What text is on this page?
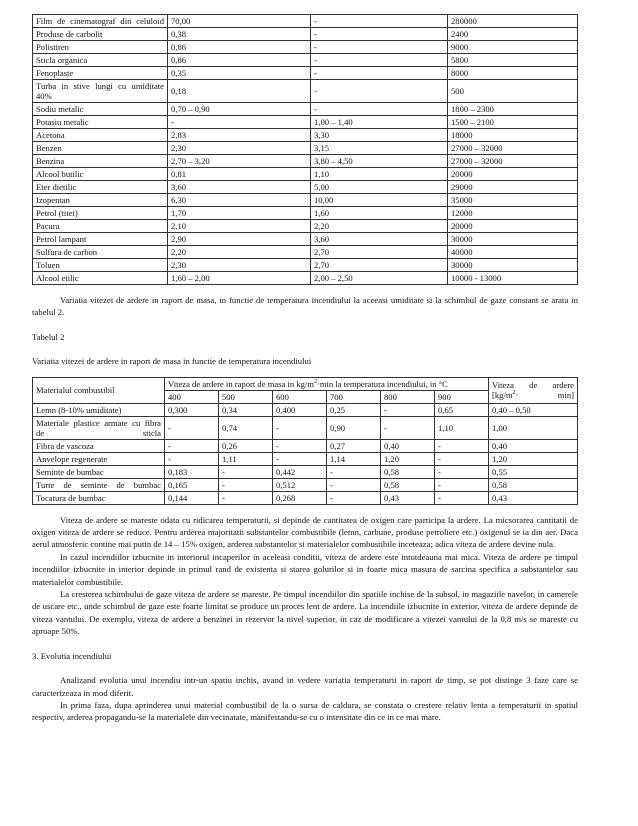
Film de cinematograf din celuloid	70,00	-	280000
Produse de carbolit	0,38	-	2400
Polistiren	0,86	-	9000
Sticla organica	0,86	-	5800
Fenoplaste	0,35	-	8000
Turba in stive lungi cu umiditate 40%	0,18	-	500
Sodiu metalic	0,70 – 0,90	-	1800 – 2300
Potasiu metalic	-	1,00 – 1,40	1500 – 2100
Acetona	2,83	3,30	18000
Benzen	2,30	3,15	27000 – 32000
Benzina	2,70 – 3,20	3,80 – 4,50	27000 – 32000
Alcool butilic	0,81	1,10	20000
Eter dietilic	3,60	5,00	29000
Izopentan	6,30	10,00	35000
Petrol (titei)	1,70	1,60	12000
Pacura	2,10	2,20	20000
Petrol lampant	2,90	3,60	30000
Sulfura de carbon	2,20	2,70	40000
Toluen	2,30	2,70	30000
Alcool etilic	1,60 – 2,00	2,00 – 2,50	10000 - 13000

Variatia vitezei de ardere in raport de masa, in functie de temperatura incendiului la aceeasi umiditate si la schimbul de gaze constant se arata in tabelul 2.

Tabelul 2

Variatia vitezei de ardere in raport de masa in functie de temperatura incendiului

Materialul combustibil	Viteza de ardere in raport de masa in $kg/m^2\cdot\min$ la temperatura incendiului, in °C						Viteza de ardere $[kg/m^2\cdot \min]$
	400	500	600	700	800	900	
Lemn (8-10% umiditate)	0,300	0,34	0,400	0,25	-	0,65	0,40 – 0,50
Materiale plastice armate cu fibra de sticla	-	0,74	-	0,90	-	1,10	1,00
Fibra de vascoza	-	0,26	-	0,27	0,40	-	0,40
Anvelope regenerate	-	1,11	-	1,14	1,20	-	1,20
Seminte de bumbac	0,183	-	0,442	-	0,58	-	0,55
Turte de seminte de bumbac	0,165	-	0,512	-	0,58	-	0,58
Tocatura de bumbac	0,144	-	0,268	-	0,43	-	0,43

Viteza de ardere se mareste odata cu ridicarea temperaturii, si depinde de cantitatea de oxigen care participa la ardere. La micsorarea cantitatii de oxigen viteza de ardere se reduce. Pentru arderea majoritatii substantelor combustibile (lemn, carbune, produse petroliere etc.) oxigenul se ia din aer. Daca aerul atmosferic contine mai putin de 14 – 15% oxigen, arderea substantelor si materialelor combustibile inceteaza; adica viteza de ardere devine nula.

In cazul incendiilor izbucnite in interiorul incaperilor in aceleasi conditii, viteza de ardere este intotdeauna mai mica. Viteza de ardere pe timpul incendiilor izbucnite in interior depinde in primul rand de existenta si starea golurilor si in foarte mica masura de sarcina specifica a substantelor sau materialelor combustibile.

La cresterea schimbului de gaze viteza de ardere se mareste. Pe timpul incendiilor din spatiile inchise de la subsol, in magaziile navelor, in camerele de uscare etc., unde schimbul de gaze este foarte limitat se produce un proces lent de ardere. La incendiile izbucnite in exterior, viteza de ardere depinde de viteza vantului. De exemplu, viteza de ardere a benzinei in rezervor la nivel superior, in caz de modificare a vitezei vantului de la 0,8 m/s se mareste cu aproape 50%.

3. Evolutia incendiului

Analizand evolutia unui incendiu intr-un spatiu inchis, avand in vedere variatia temperaturii in raport de timp, se pot distinge 3 faze care se caracterizeaza in mod diferit.

In prima faza, dupa aprinderea unui material combustibil de la o sursa de caldura, se constata o crestere relativ lenta a temperaturii in spatiul respectiv, arderea propagandu-se la materialele din vecinatate, manifestandu-se cu o intensitate din ce in ce mai mare.
